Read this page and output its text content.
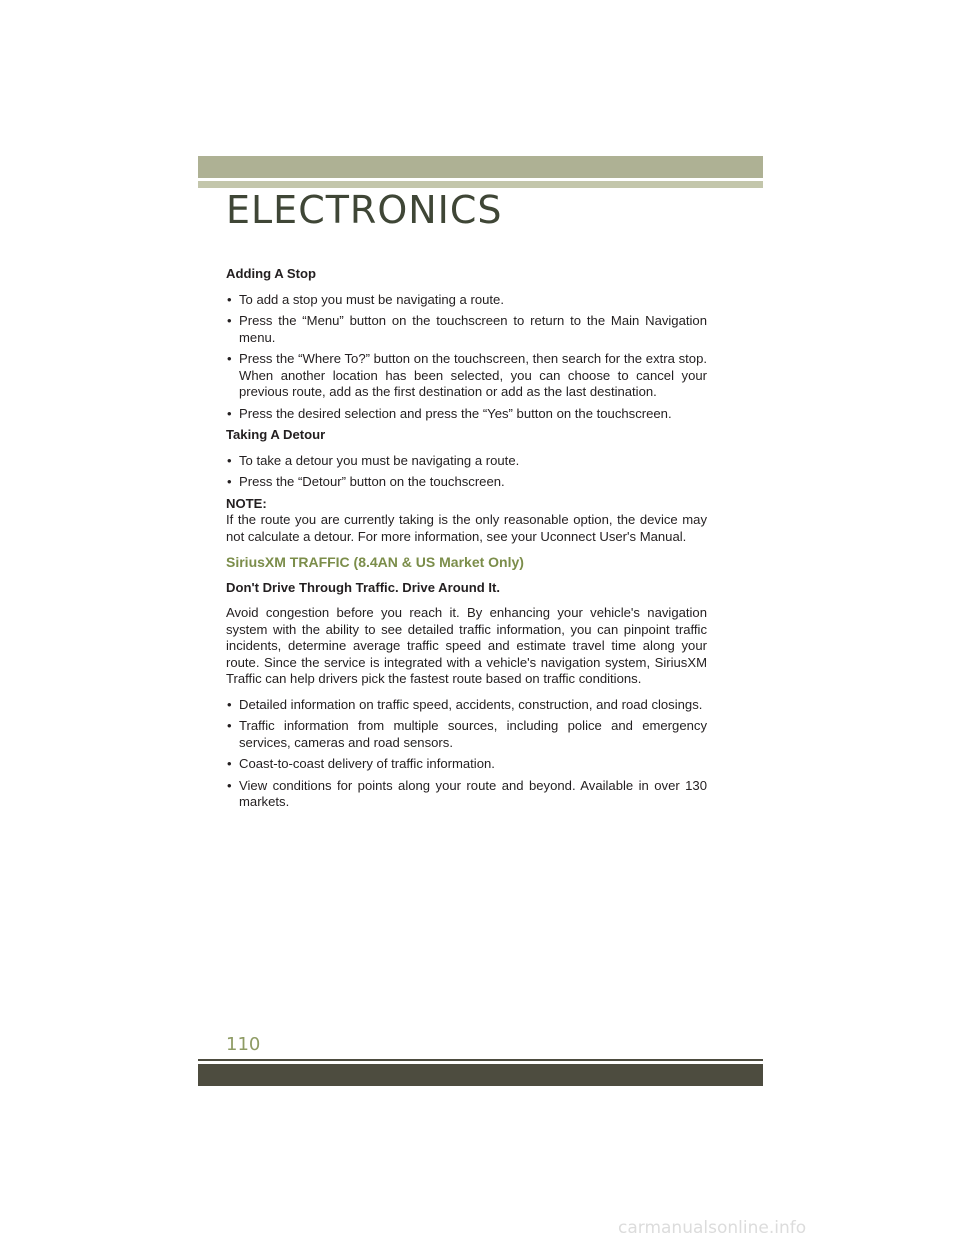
ELECTRONICS
Adding A Stop
• To add a stop you must be navigating a route.
• Press the “Menu” button on the touchscreen to return to the Main Navigation menu.
• Press the “Where To?” button on the touchscreen, then search for the extra stop. When another location has been selected, you can choose to cancel your previous route, add as the first destination or add as the last destination.
• Press the desired selection and press the “Yes” button on the touchscreen.
Taking A Detour
• To take a detour you must be navigating a route.
• Press the “Detour” button on the touchscreen.

NOTE:
If the route you are currently taking is the only reasonable option, the device may not calculate a detour. For more information, see your Uconnect User's Manual.

SiriusXM TRAFFIC (8.4AN & US Market Only)
Don't Drive Through Traffic. Drive Around It.

Avoid congestion before you reach it. By enhancing your vehicle's navigation system with the ability to see detailed traffic information, you can pinpoint traffic incidents, determine average traffic speed and estimate travel time along your route. Since the service is integrated with a vehicle's navigation system, SiriusXM Traffic can help drivers pick the fastest route based on traffic conditions.

• Detailed information on traffic speed, accidents, construction, and road closings.
• Traffic information from multiple sources, including police and emergency services, cameras and road sensors.
• Coast-to-coast delivery of traffic information.
• View conditions for points along your route and beyond. Available in over 130 markets.
110
carmanualsonline.info
